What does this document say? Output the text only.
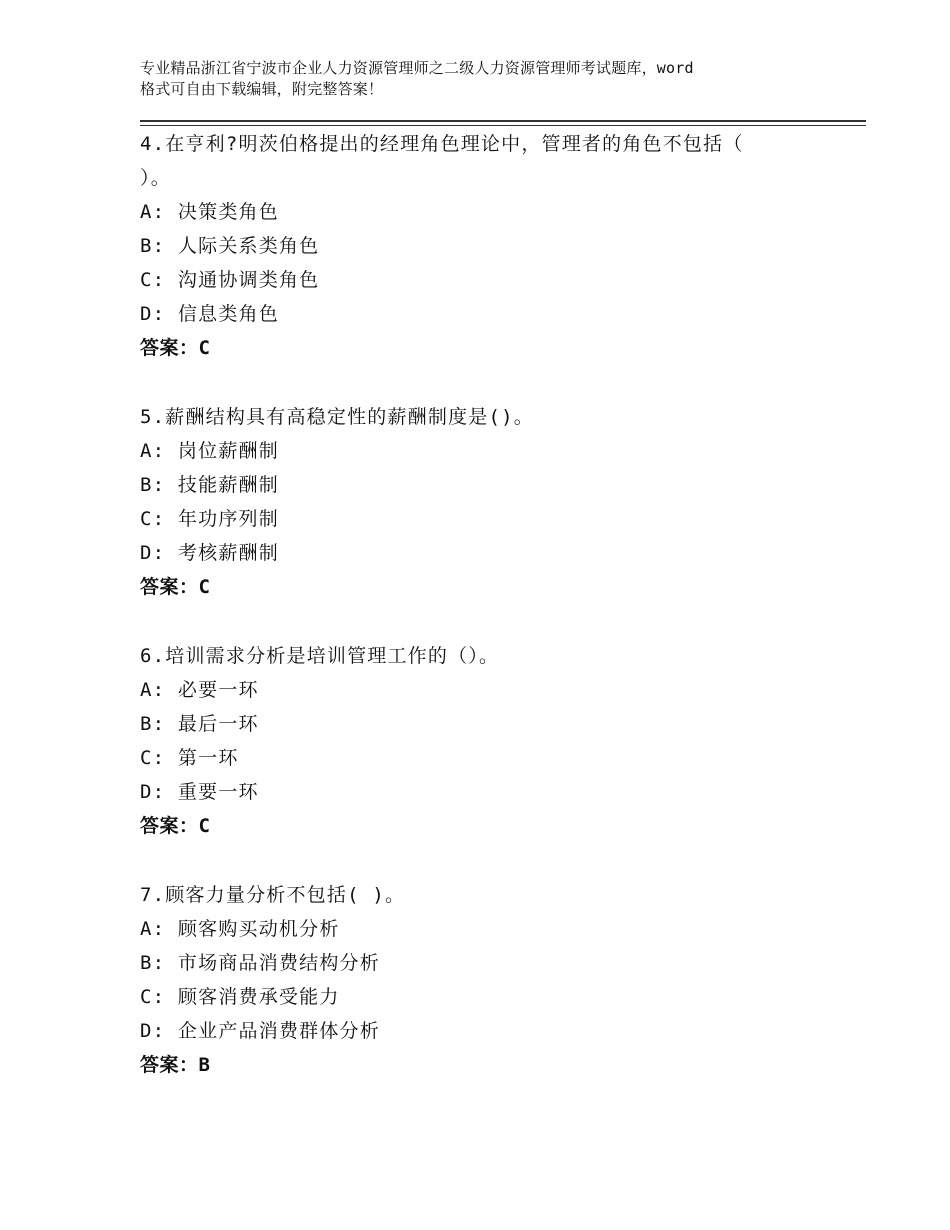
专业精品浙江省宁波市企业人力资源管理师之二级人力资源管理师考试题库，word
格式可自由下载编辑，附完整答案！
4.在亨利?明茨伯格提出的经理角色理论中，管理者的角色不包括（
）。
A: 决策类角色
B: 人际关系类角色
C: 沟通协调类角色
D: 信息类角色
答案：C
5.薪酬结构具有高稳定性的薪酬制度是()。
A: 岗位薪酬制
B: 技能薪酬制
C: 年功序列制
D: 考核薪酬制
答案：C
6.培训需求分析是培训管理工作的（）。
A: 必要一环
B: 最后一环
C: 第一环
D: 重要一环
答案：C
7.顾客力量分析不包括( )。
A: 顾客购买动机分析
B: 市场商品消费结构分析
C: 顾客消费承受能力
D: 企业产品消费群体分析
答案：B
